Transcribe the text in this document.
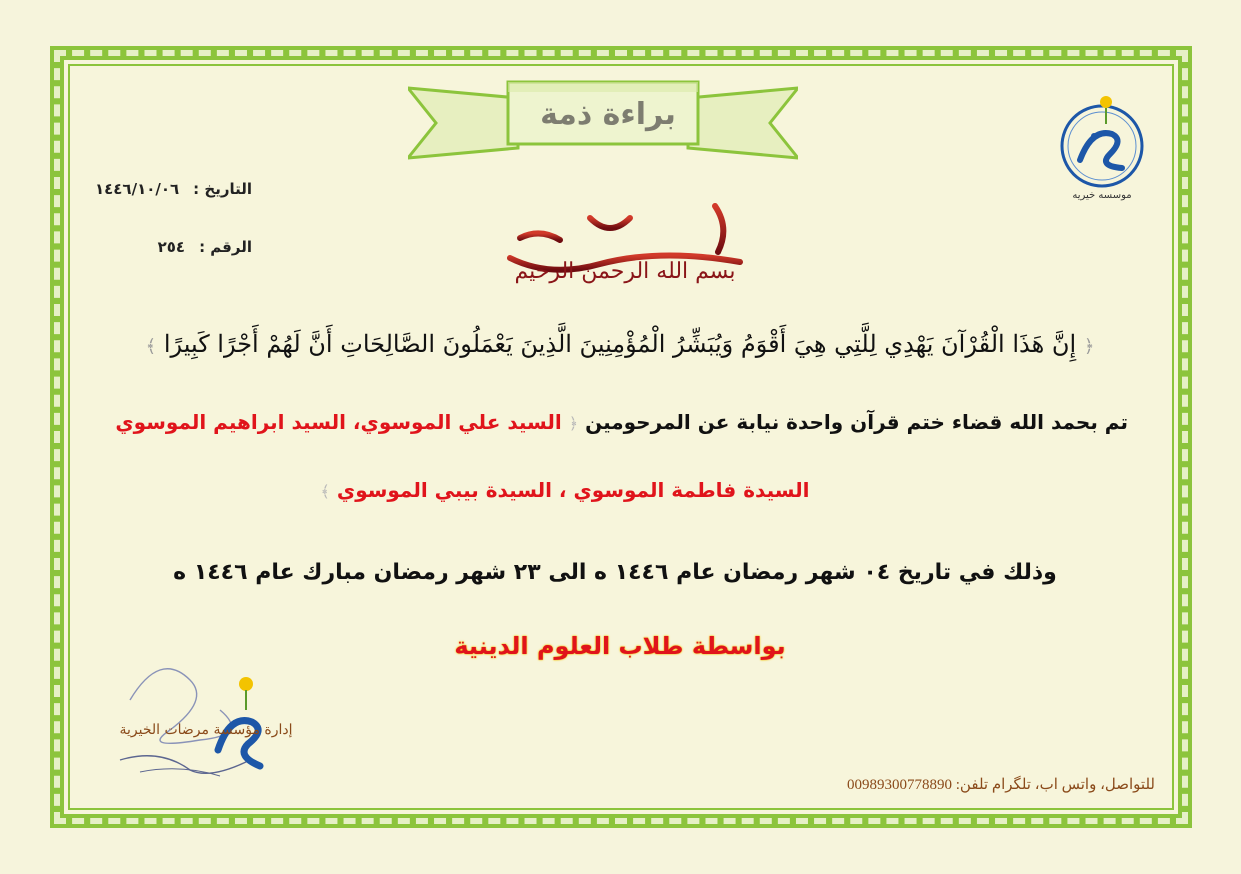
براءة ذمة
التاريخ :
١٤٤٦/١٠/٠٦
الرقم :
٢٥٤
بسم الله الرحمن الرحيم
﴿ إِنَّ هَذَا الْقُرْآنَ يَهْدِي لِلَّتِي هِيَ أَقْوَمُ وَيُبَشِّرُ الْمُؤْمِنِينَ الَّذِينَ يَعْمَلُونَ الصَّالِحَاتِ أَنَّ لَهُمْ أَجْرًا كَبِيرًا ﴾
تم بحمد الله قضاء ختم قرآن واحدة نيابة عن المرحومين ﴿ السيد علي الموسوي، السيد ابراهيم الموسوي
السيدة فاطمة الموسوي ، السيدة بيبي الموسوي ﴾
وذلك في تاريخ ٠٤ شهر رمضان عام ١٤٤٦ ه الى ٢٣ شهر رمضان مبارك عام ١٤٤٦ ه
بواسطة طلاب العلوم الدينية
موسسه خیریه
إدارة مؤسسة مرضات الخيرية
للتواصل، واتس اب، تلگرام تلفن: 00989300778890
